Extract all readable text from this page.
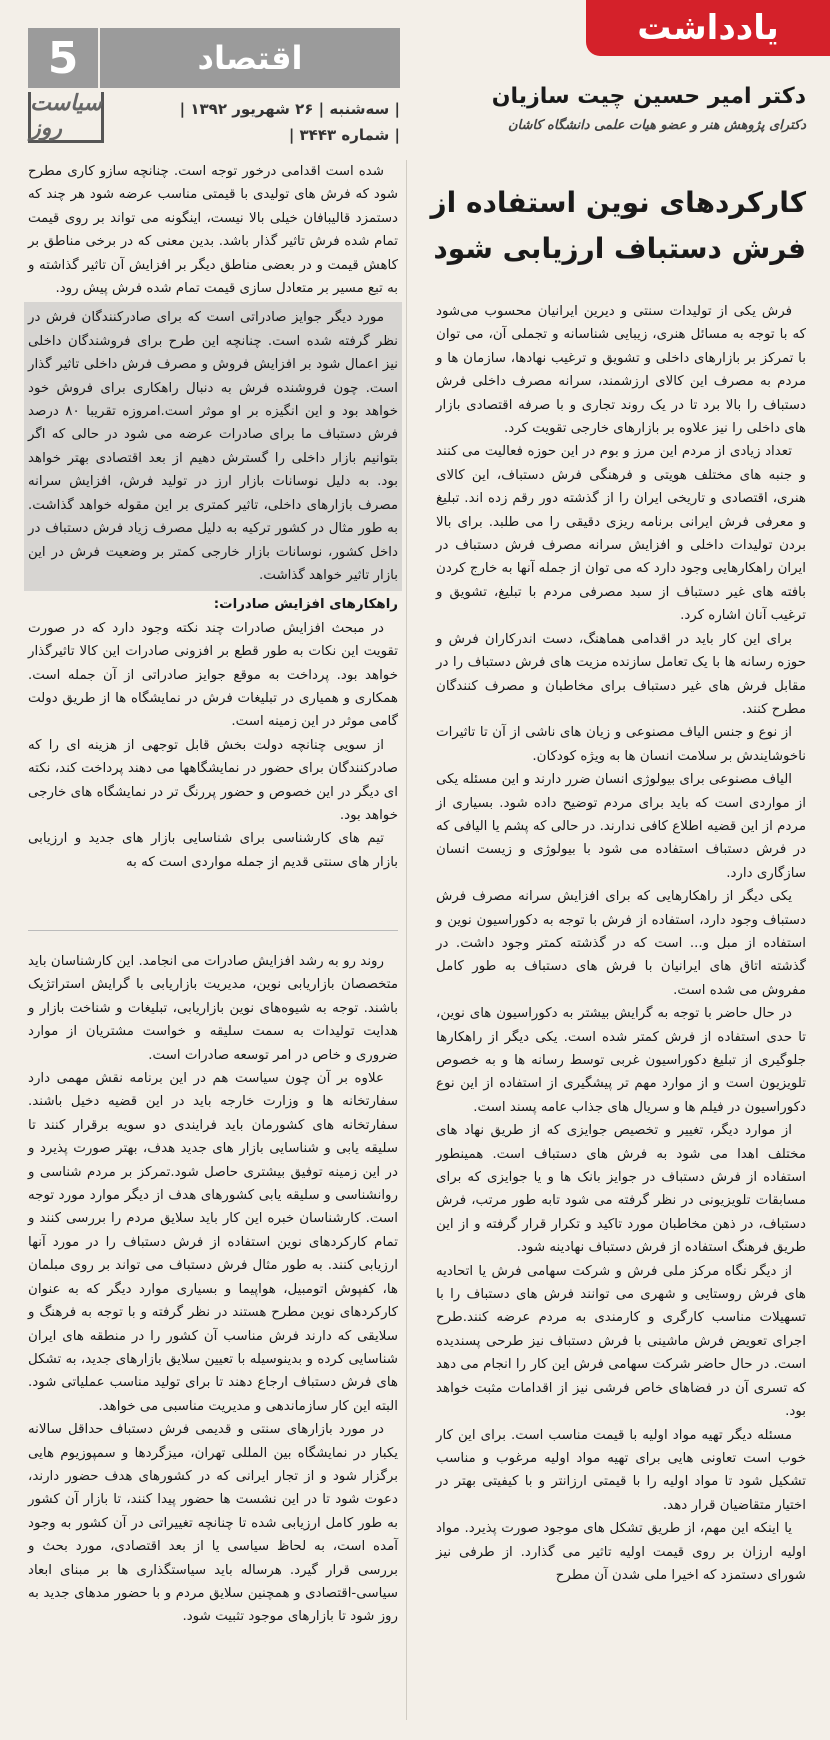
5	اقتصاد
سیاست روز
| سه‌شنبه | ۲۶ شهریور ۱۳۹۲ |
| شماره ۳۴۴۳ |
یادداشت
دکتر امیر حسین چیت سازیان
دکترای پژوهش هنر و عضو هیات علمی دانشگاه کاشان
کارکردهای نوین استفاده از فرش دستباف ارزیابی شود

فرش یکی از تولیدات سنتی و دیرین ایرانیان محسوب می‌شود که با توجه به مسائل هنری، زیبایی شناسانه و تجملی آن، می توان با تمرکز بر بازارهای داخلی و تشویق و ترغیب نهادها، سازمان ها و مردم به مصرف این کالای ارزشمند، سرانه مصرف داخلی فرش دستباف را بالا برد تا در یک روند تجاری و با صرفه اقتصادی بازار های داخلی را نیز علاوه بر بازارهای خارجی تقویت کرد.

تعداد زیادی از مردم این مرز و بوم در این حوزه فعالیت می کنند و جنبه های مختلف هویتی و فرهنگی فرش دستباف، این کالای هنری، اقتصادی و تاریخی ایران را از گذشته دور رقم زده اند. تبلیغ و معرفی فرش ایرانی برنامه ریزی دقیقی را می طلبد. برای بالا بردن تولیدات داخلی و افزایش سرانه مصرف فرش دستباف در ایران راهکارهایی وجود دارد که می توان از جمله آنها به خارج کردن بافته های غیر دستباف از سبد مصرفی مردم با تبلیغ، تشویق و ترغیب آنان اشاره کرد.

برای این کار باید در اقدامی هماهنگ، دست اندرکاران فرش و حوزه رسانه ها با یک تعامل سازنده مزیت های فرش دستباف را در مقابل فرش های غیر دستباف برای مخاطبان و مصرف کنندگان مطرح کنند.

از نوع و جنس الیاف مصنوعی و زیان های ناشی از آن تا تاثیرات ناخوشایندش بر سلامت انسان ها به ویژه کودکان.

الیاف مصنوعی برای بیولوژی انسان ضرر دارند و این مسئله یکی از مواردی است که باید برای مردم توضیح داده شود. بسیاری از مردم از این قضیه اطلاع کافی ندارند. در حالی که پشم یا الیافی که در فرش دستباف استفاده می شود با بیولوژی و زیست انسان سازگاری دارد.

یکی دیگر از راهکارهایی که برای افزایش سرانه مصرف فرش دستباف وجود دارد، استفاده از فرش با توجه به دکوراسیون نوین و استفاده از مبل و... است که در گذشته کمتر وجود داشت. در گذشته اتاق های ایرانیان با فرش های دستباف به طور کامل مفروش می شده است.

در حال حاضر با توجه به گرایش بیشتر به دکوراسیون های نوین، تا حدی استفاده از فرش کمتر شده است. یکی دیگر از راهکارها جلوگیری از تبلیغ دکوراسیون غربی توسط رسانه ها و به خصوص تلویزیون است و از موارد مهم تر پیشگیری از استفاده از این نوع دکوراسیون در فیلم ها و سریال های جذاب عامه پسند است.

از موارد دیگر، تغییر و تخصیص جوایزی که از طریق نهاد های مختلف اهدا می شود به فرش های دستباف است. همینطور استفاده از فرش دستباف در جوایز بانک ها و یا جوایزی که برای مسابقات تلویزیونی در نظر گرفته می شود تابه طور مرتب، فرش دستباف، در ذهن مخاطبان مورد تاکید و تکرار قرار گرفته و از این طریق فرهنگ استفاده از فرش دستباف نهادینه شود.

از دیگر نگاه مرکز ملی فرش و شرکت سهامی فرش یا اتحادیه های فرش روستایی و شهری می توانند فرش های دستباف را با تسهیلات مناسب کارگری و کارمندی به مردم عرضه کنند.طرح اجرای تعویض فرش ماشینی با فرش دستباف نیز طرحی پسندیده است. در حال حاضر شرکت سهامی فرش این کار را انجام می دهد که تسری آن در فضاهای خاص فرشی نیز از اقدامات مثبت خواهد بود.

مسئله دیگر تهیه مواد اولیه با قیمت مناسب است. برای این کار خوب است تعاونی هایی برای تهیه مواد اولیه مرغوب و مناسب تشکیل شود تا مواد اولیه را با قیمتی ارزانتر و با کیفیتی بهتر در اختیار متقاضیان قرار دهد.

یا اینکه این مهم، از طریق تشکل های موجود صورت پذیرد. مواد اولیه ارزان بر روی قیمت اولیه تاثیر می گذارد. از طرفی نیز شورای دستمزد که اخیرا ملی شدن آن مطرح

شده است اقدامی درخور توجه است. چنانچه سازو کاری مطرح شود که فرش های تولیدی با قیمتی مناسب عرضه شود هر چند که دستمزد قالیبافان خیلی بالا نیست، اینگونه می تواند بر روی قیمت تمام شده فرش تاثیر گذار باشد. بدین معنی که در برخی مناطق بر کاهش قیمت و در بعضی مناطق دیگر بر افزایش آن تاثیر گذاشته و به تبع مسیر بر متعادل سازی قیمت تمام شده فرش پیش رود.

مورد دیگر جوایز صادراتی است که برای صادرکنندگان فرش در نظر گرفته شده است. چنانچه این طرح برای فروشندگان داخلی نیز اعمال شود بر افزایش فروش و مصرف فرش داخلی تاثیر گذار است. چون فروشنده فرش به دنبال راهکاری برای فروش خود خواهد بود و این انگیزه بر او موثر است.امروزه تقریبا ۸۰ درصد فرش دستباف ما برای صادرات عرضه می شود در حالی که اگر بتوانیم بازار داخلی را گسترش دهیم از بعد اقتصادی بهتر خواهد بود. به دلیل نوسانات بازار ارز در تولید فرش، افزایش سرانه مصرف بازارهای داخلی، تاثیر کمتری بر این مقوله خواهد گذاشت. به طور مثال در کشور ترکیه به دلیل مصرف زیاد فرش دستباف در داخل کشور، نوسانات بازار خارجی کمتر بر وضعیت فرش در این بازار تاثیر خواهد گذاشت.

راهکارهای افزایش صادرات:

در مبحث افزایش صادرات چند نکته وجود دارد که در صورت تقویت این نکات به طور قطع بر افزونی صادرات این کالا تاثیرگذار خواهد بود. پرداخت به موقع جوایز صادراتی از آن جمله است. همکاری و همیاری در تبلیغات فرش در نمایشگاه ها از طریق دولت گامی موثر در این زمینه است.

از سویی چنانچه دولت بخش قابل توجهی از هزینه ای را که صادرکنندگان برای حضور در نمایشگاهها می دهند پرداخت کند، نکته ای دیگر در این خصوص و حضور پررنگ تر در نمایشگاه های خارجی خواهد بود.

تیم های کارشناسی برای شناسایی بازار های جدید و ارزیابی بازار های سنتی قدیم از جمله مواردی است که به

روند رو به رشد افزایش صادرات می انجامد. این کارشناسان باید متخصصان بازاریابی نوین، مدیریت بازاریابی با گرایش استراتژیک باشند. توجه به شیوه‌های نوین بازاریابی، تبلیغات و شناخت بازار و هدایت تولیدات به سمت سلیقه و خواست مشتریان از موارد ضروری و خاص در امر توسعه صادرات است.

علاوه بر آن چون سیاست هم در این برنامه نقش مهمی دارد سفارتخانه ها و وزارت خارجه باید در این قضیه دخیل باشند. سفارتخانه های کشورمان باید فرایندی دو سویه برقرار کنند تا سلیقه یابی و شناسایی بازار های جدید هدف، بهتر صورت پذیرد و در این زمینه توفیق بیشتری حاصل شود.تمرکز بر مردم شناسی و روانشناسی و سلیقه یابی کشورهای هدف از دیگر موارد مورد توجه است. کارشناسان خبره این کار باید سلایق مردم را بررسی کنند و تمام کارکردهای نوین استفاده از فرش دستباف را در مورد آنها ارزیابی کنند. به طور مثال فرش دستباف می تواند بر روی مبلمان ها، کفپوش اتومبیل، هواپیما و بسیاری موارد دیگر که به عنوان کارکردهای نوین مطرح هستند در نظر گرفته و با توجه به فرهنگ و سلایقی که دارند فرش مناسب آن کشور را در منطقه های ایران شناسایی کرده و بدینوسیله با تعیین سلایق بازارهای جدید، به تشکل های فرش دستباف ارجاع دهند تا برای تولید مناسب عملیاتی شود. البته این کار سازماندهی و مدیریت مناسبی می خواهد.

در مورد بازارهای سنتی و قدیمی فرش دستباف حداقل سالانه یکبار در نمایشگاه بین المللی تهران، میزگردها و سمپوزیوم هایی برگزار شود و از تجار ایرانی که در کشورهای هدف حضور دارند، دعوت شود تا در این نشست ها حضور پیدا کنند، تا بازار آن کشور به طور کامل ارزیابی شده تا چنانچه تغییراتی در آن کشور به وجود آمده است، به لحاظ سیاسی یا از بعد اقتصادی، مورد بحث و بررسی قرار گیرد. هرساله باید سیاستگذاری ها بر مبنای ابعاد سیاسی-اقتصادی و همچنین سلایق مردم و با حضور مدهای جدید به روز شود تا بازارهای موجود تثبیت شود.
